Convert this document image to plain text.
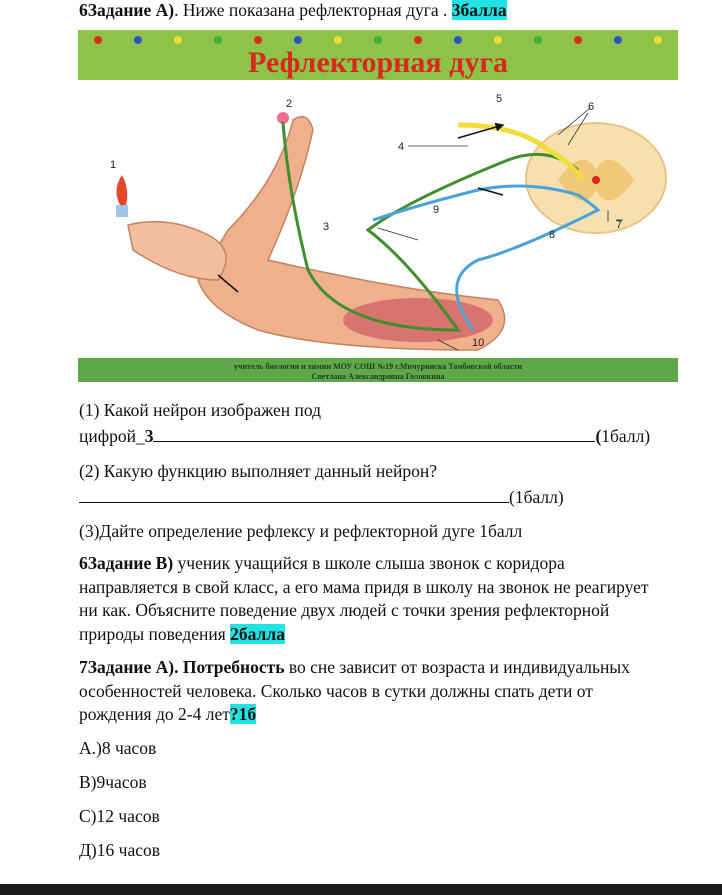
6Задание А). Ниже показана рефлекторная дуга . 3балла
Рефлекторная дуга
1
2
3
4
5
6
7
8
9
10
учитель биологии и химии МОУ СОШ №19 г.Мичуринска Тамбовской области
Светлана Александровна Головкина
(1) Какой нейрон изображен под
цифрой_3	(1балл)
(2) Какую функцию выполняет данный нейрон?
(1балл)
(3)Дайте определение рефлексу и рефлекторной дуге 1балл
6Задание В) ученик учащийся в школе слыша звонок с коридора
направляется в свой класс, а его мама придя в школу на звонок не реагирует
ни как. Объясните поведение двух людей с точки зрения рефлекторной
природы поведения 2балла
7Задание А). Потребность во сне зависит от возраста и индивидуальных
особенностей человека. Сколько часов в сутки должны спать дети от
рождения до 2-4 лет?1б
А.)8 часов
В)9часов
С)12 часов
Д)16 часов
